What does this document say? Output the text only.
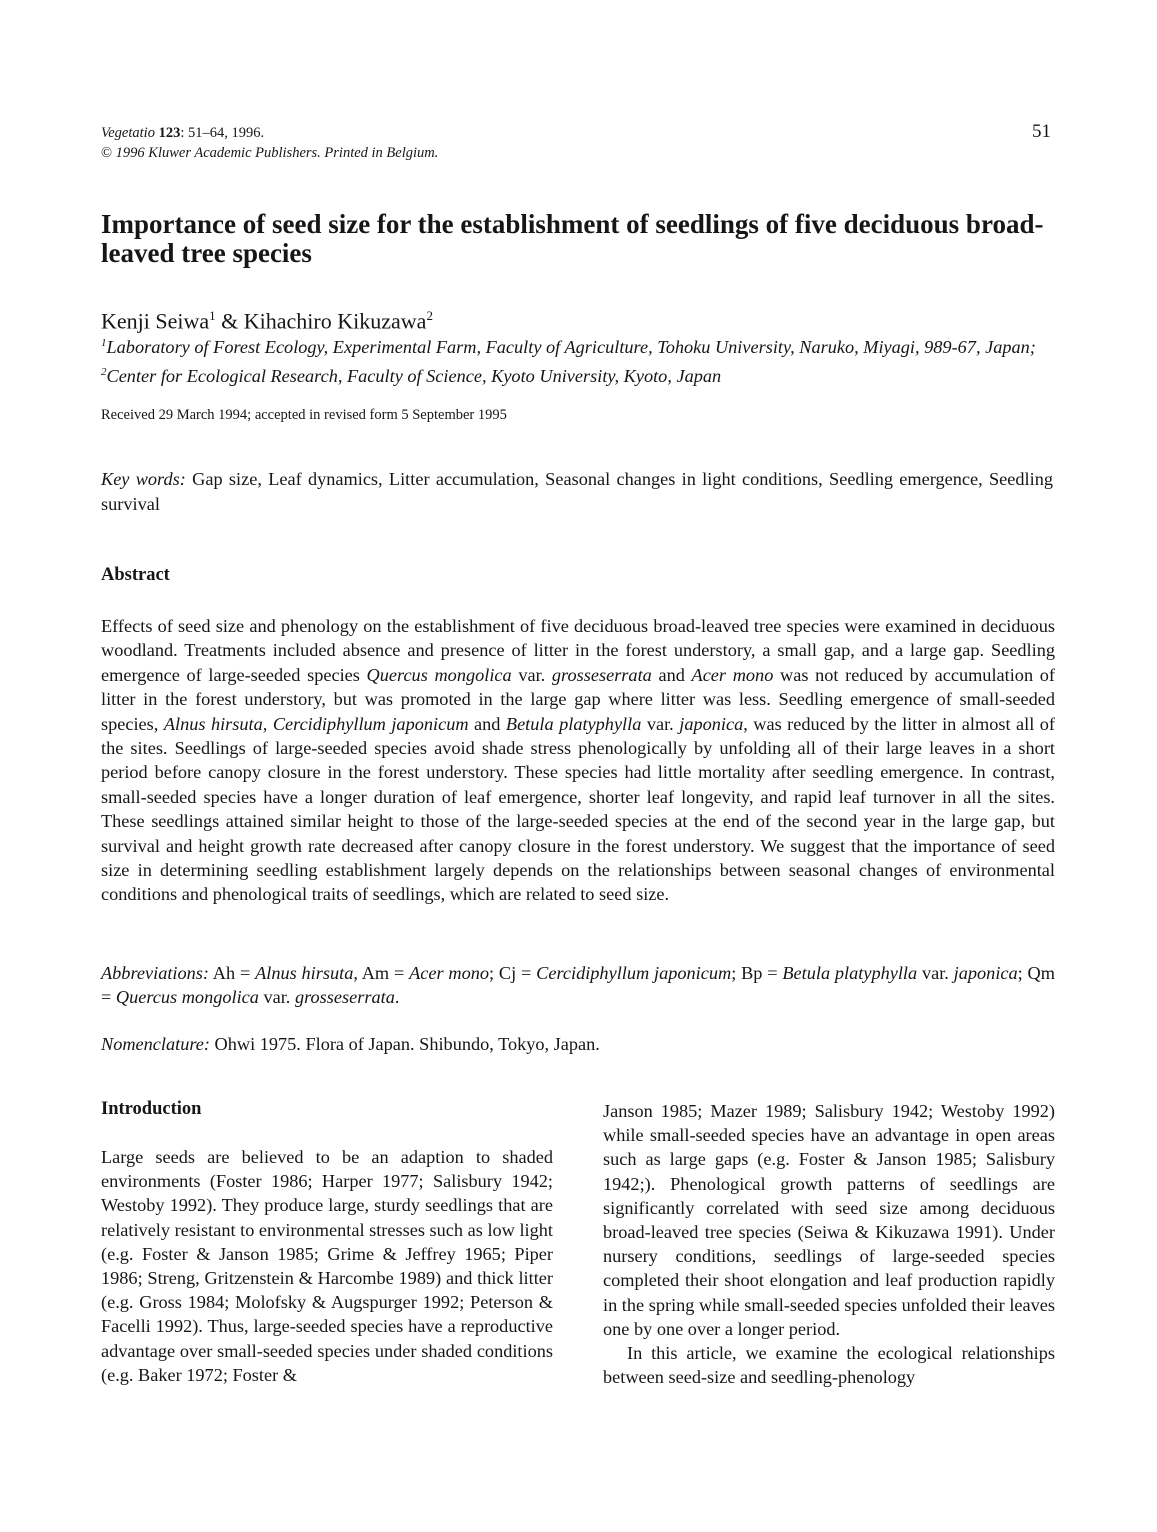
Vegetatio 123: 51–64, 1996.
© 1996 Kluwer Academic Publishers. Printed in Belgium.
51
Importance of seed size for the establishment of seedlings of five deciduous broad-leaved tree species
Kenji Seiwa$^1$ & Kihachiro Kikuzawa$^2$
$^1$Laboratory of Forest Ecology, Experimental Farm, Faculty of Agriculture, Tohoku University, Naruko, Miyagi, 989-67, Japan; $^2$Center for Ecological Research, Faculty of Science, Kyoto University, Kyoto, Japan
Received 29 March 1994; accepted in revised form 5 September 1995
Key words: Gap size, Leaf dynamics, Litter accumulation, Seasonal changes in light conditions, Seedling emergence, Seedling survival
Abstract
Effects of seed size and phenology on the establishment of five deciduous broad-leaved tree species were examined in deciduous woodland. Treatments included absence and presence of litter in the forest understory, a small gap, and a large gap. Seedling emergence of large-seeded species Quercus mongolica var. grosseserrata and Acer mono was not reduced by accumulation of litter in the forest understory, but was promoted in the large gap where litter was less. Seedling emergence of small-seeded species, Alnus hirsuta, Cercidiphyllum japonicum and Betula platyphylla var. japonica, was reduced by the litter in almost all of the sites. Seedlings of large-seeded species avoid shade stress phenologically by unfolding all of their large leaves in a short period before canopy closure in the forest understory. These species had little mortality after seedling emergence. In contrast, small-seeded species have a longer duration of leaf emergence, shorter leaf longevity, and rapid leaf turnover in all the sites. These seedlings attained similar height to those of the large-seeded species at the end of the second year in the large gap, but survival and height growth rate decreased after canopy closure in the forest understory. We suggest that the importance of seed size in determining seedling establishment largely depends on the relationships between seasonal changes of environmental conditions and phenological traits of seedlings, which are related to seed size.
Abbreviations: Ah = Alnus hirsuta, Am = Acer mono; Cj = Cercidiphyllum japonicum; Bp = Betula platyphylla var. japonica; Qm = Quercus mongolica var. grosseserrata.
Nomenclature: Ohwi 1975. Flora of Japan. Shibundo, Tokyo, Japan.
Introduction

Large seeds are believed to be an adaption to shaded environments (Foster 1986; Harper 1977; Salisbury 1942; Westoby 1992). They produce large, sturdy seedlings that are relatively resistant to environmental stresses such as low light (e.g. Foster & Janson 1985; Grime & Jeffrey 1965; Piper 1986; Streng, Gritzenstein & Harcombe 1989) and thick litter (e.g. Gross 1984; Molofsky & Augspurger 1992; Peterson & Facelli 1992). Thus, large-seeded species have a reproductive advantage over small-seeded species under shaded conditions (e.g. Baker 1972; Foster &

Janson 1985; Mazer 1989; Salisbury 1942; Westoby 1992) while small-seeded species have an advantage in open areas such as large gaps (e.g. Foster & Janson 1985; Salisbury 1942;). Phenological growth patterns of seedlings are significantly correlated with seed size among deciduous broad-leaved tree species (Seiwa & Kikuzawa 1991). Under nursery conditions, seedlings of large-seeded species completed their shoot elongation and leaf production rapidly in the spring while small-seeded species unfolded their leaves one by one over a longer period.

In this article, we examine the ecological relationships between seed-size and seedling-phenology
